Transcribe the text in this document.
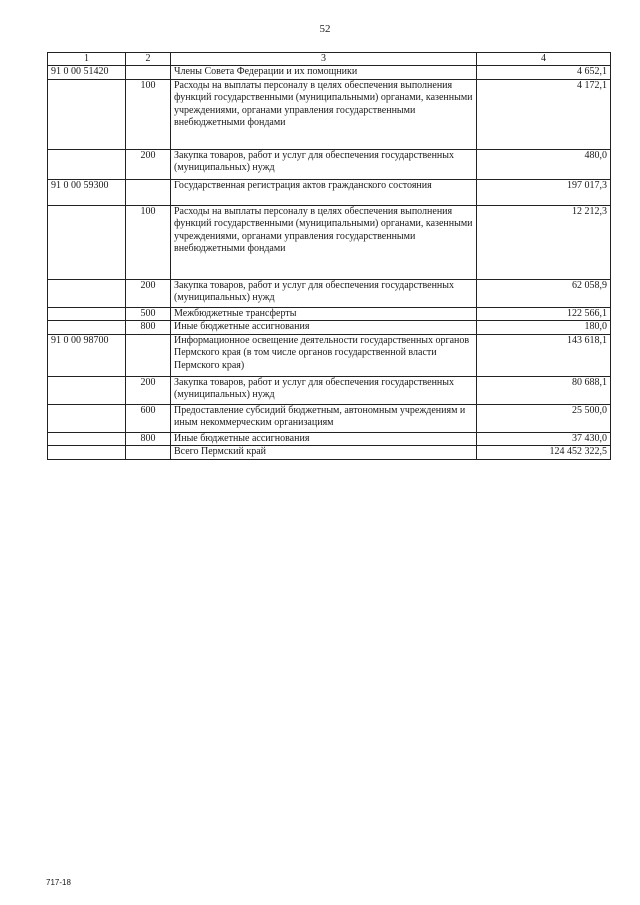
52
1	2	3	4
91 0 00 51420		Члены Совета Федерации и их помощники	4 652,1
	100	Расходы на выплаты персоналу в целях обеспечения выполнения функций государственными (муниципальными) органами, казенными учреждениями, органами управления государственными внебюджетными фондами	4 172,1
	200	Закупка товаров, работ и услуг для обеспечения государственных (муниципальных) нужд	480,0
91 0 00 59300		Государственная регистрация актов гражданского состояния	197 017,3
	100	Расходы на выплаты персоналу в целях обеспечения выполнения функций государственными (муниципальными) органами, казенными учреждениями, органами управления государственными внебюджетными фондами	12 212,3
	200	Закупка товаров, работ и услуг для обеспечения государственных (муниципальных) нужд	62 058,9
	500	Межбюджетные трансферты	122 566,1
	800	Иные бюджетные ассигнования	180,0
91 0 00 98700		Информационное освещение деятельности государственных органов Пермского края (в том числе органов государственной власти Пермского края)	143 618,1
	200	Закупка товаров, работ и услуг для обеспечения государственных (муниципальных) нужд	80 688,1
	600	Предоставление субсидий бюджетным, автономным учреждениям и иным некоммерческим организациям	25 500,0
	800	Иные бюджетные ассигнования	37 430,0
		Всего Пермский край	124 452 322,5
717-18
